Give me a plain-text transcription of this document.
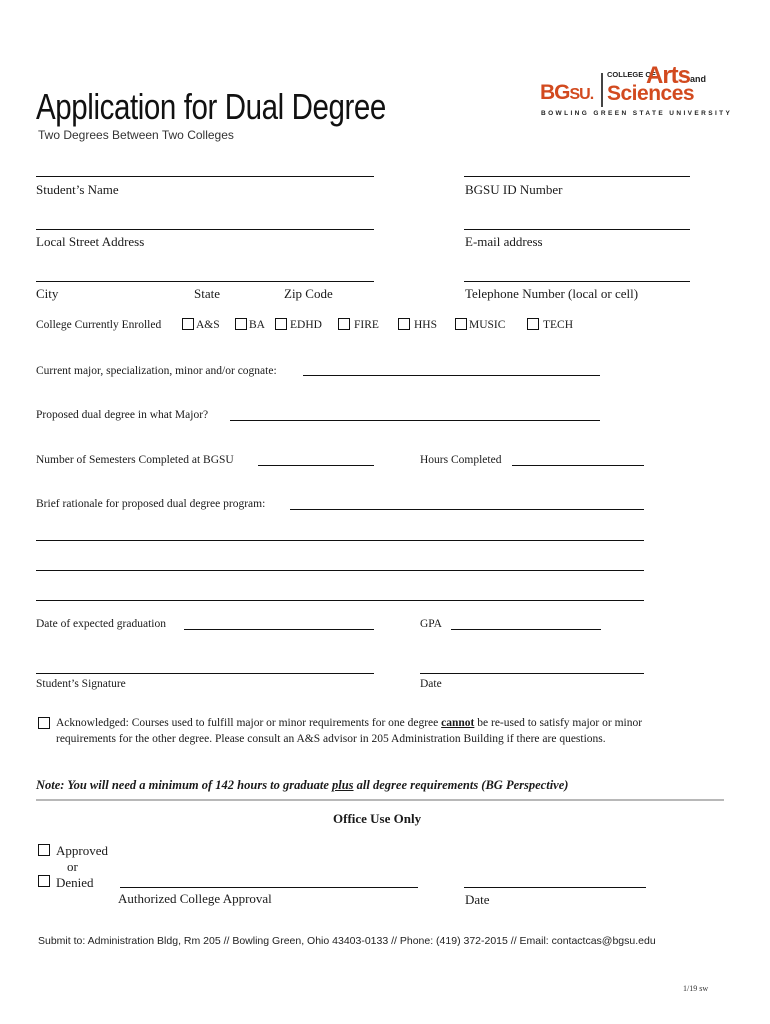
Application for Dual Degree
Two Degrees Between Two Colleges
BGSU.
COLLEGE OF
Arts and
Sciences
BOWLING GREEN STATE UNIVERSITY
Student’s Name	BGSU ID Number
Local Street Address	E-mail address
City	State	Zip Code	Telephone Number (local or cell)
College Currently Enrolled	A&S	BA EDHD	FIRE	HHS	MUSIC	TECH
Current major, specialization, minor and/or cognate:
Proposed dual degree in what Major?
Number of Semesters Completed at BGSU	Hours Completed
Brief rationale for proposed dual degree program:
Date of expected graduation	GPA
Student’s Signature	Date
Acknowledged: Courses used to fulfill major or minor requirements for one degree cannot be re-used to satisfy major or minor
requirements for the other degree. Please consult an A&S advisor in 205 Administration Building if there are questions.
Note: You will need a minimum of 142 hours to graduate plus all degree requirements (BG Perspective)
Office Use Only
Approved
or
Denied
Authorized College Approval	Date
Submit to: Administration Bldg, Rm 205 // Bowling Green, Ohio 43403-0133 // Phone: (419) 372-2015 // Email: contactcas@bgsu.edu
1/19 sw
